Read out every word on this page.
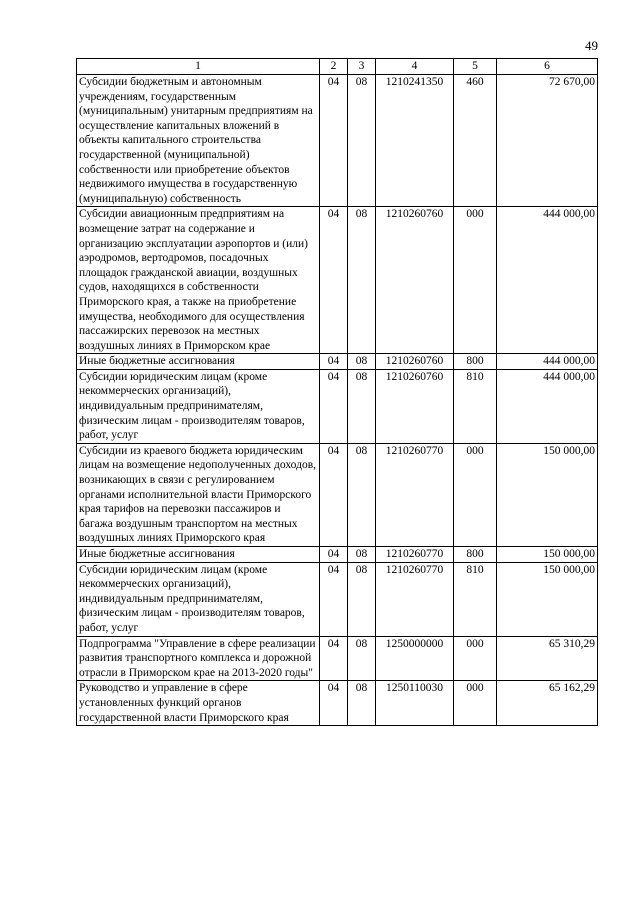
49
1	2	3	4	5	6
Субсидии бюджетным и автономным учреждениям, государственным (муниципальным) унитарным предприятиям на осуществление капитальных вложений в объекты капитального строительства государственной (муниципальной) собственности или приобретение объектов недвижимого имущества в государственную (муниципальную) собственность	04	08	1210241350	460	72 670,00
Субсидии авиационным предприятиям на возмещение затрат на содержание и организацию эксплуатации аэропортов и (или) аэродромов, вертодромов, посадочных площадок гражданской авиации, воздушных судов, находящихся в собственности Приморского края, а также на приобретение имущества, необходимого для осуществления пассажирских перевозок на местных воздушных линиях в Приморском крае	04	08	1210260760	000	444 000,00
Иные бюджетные ассигнования	04	08	1210260760	800	444 000,00
Субсидии юридическим лицам (кроме некоммерческих организаций), индивидуальным предпринимателям, физическим лицам - производителям товаров, работ, услуг	04	08	1210260760	810	444 000,00
Субсидии из краевого бюджета юридическим лицам на возмещение недополученных доходов, возникающих в связи с регулированием органами исполнительной власти Приморского края тарифов на перевозки пассажиров и багажа воздушным транспортом на местных воздушных линиях Приморского края	04	08	1210260770	000	150 000,00
Иные бюджетные ассигнования	04	08	1210260770	800	150 000,00
Субсидии юридическим лицам (кроме некоммерческих организаций), индивидуальным предпринимателям, физическим лицам - производителям товаров, работ, услуг	04	08	1210260770	810	150 000,00
Подпрограмма "Управление в сфере реализации развития транспортного комплекса и дорожной отрасли в Приморском крае на 2013-2020 годы"	04	08	1250000000	000	65 310,29
Руководство и управление в сфере установленных функций органов государственной власти Приморского края	04	08	1250110030	000	65 162,29
